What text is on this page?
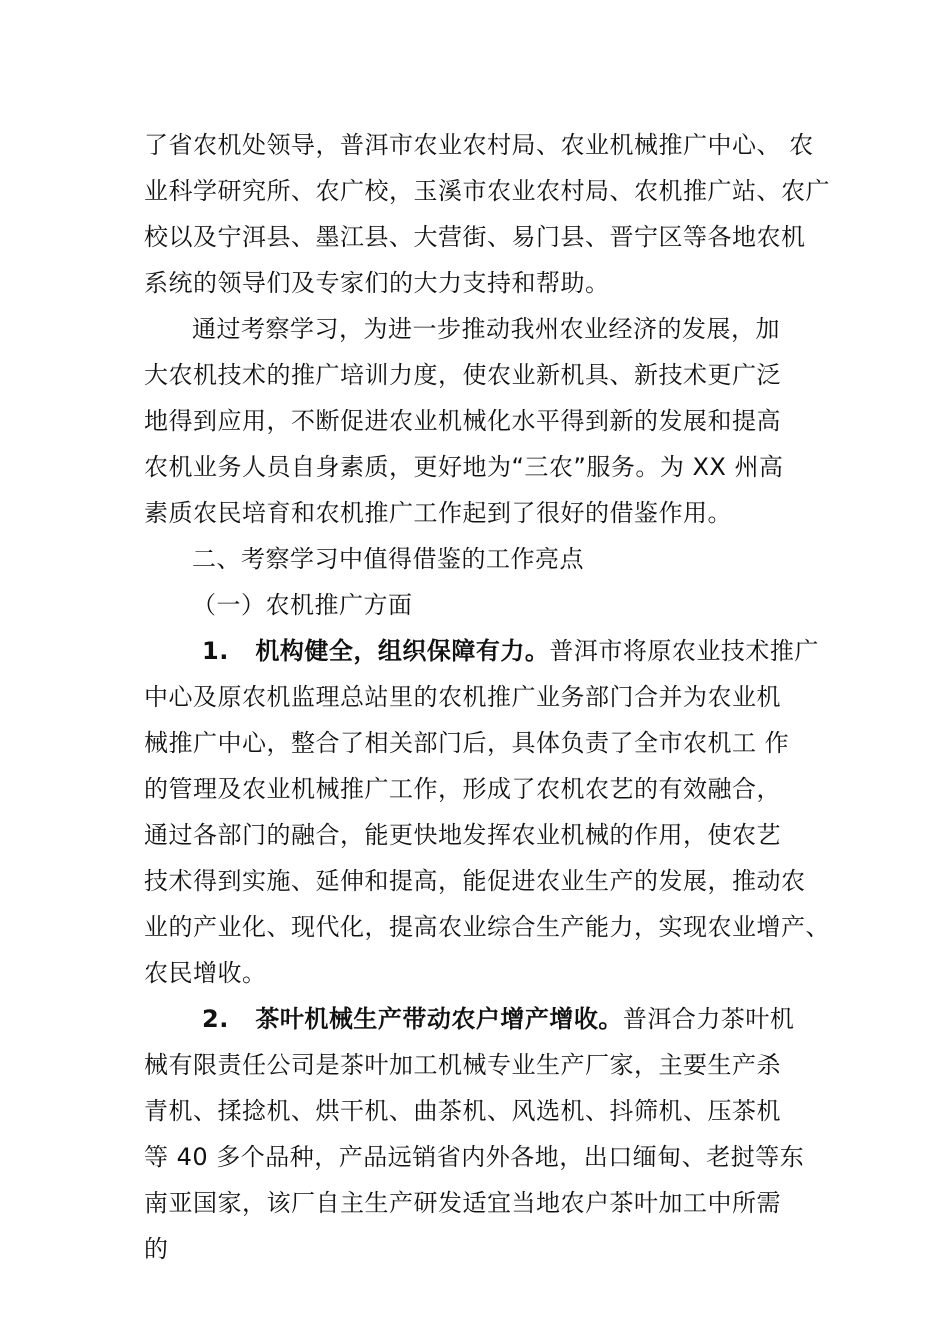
了省农机处领导，普洱市农业农村局、农业机械推广中心、 农
业科学研究所、农广校，玉溪市农业农村局、农机推广站、农广
校以及宁洱县、墨江县、大营街、易门县、晋宁区等各地农机
系统的领导们及专家们的大力支持和帮助。
通过考察学习，为进一步推动我州农业经济的发展，加
大农机技术的推广培训力度，使农业新机具、新技术更广泛
地得到应用，不断促进农业机械化水平得到新的发展和提高
农机业务人员自身素质，更好地为“三农”服务。为 XX 州高
素质农民培育和农机推广工作起到了很好的借鉴作用。
二、考察学习中值得借鉴的工作亮点
（一）农机推广方面
1.   机构健全，组织保障有力。普洱市将原农业技术推广
中心及原农机监理总站里的农机推广业务部门合并为农业机
械推广中心，整合了相关部门后，具体负责了全市农机工 作
的管理及农业机械推广工作，形成了农机农艺的有效融合，
通过各部门的融合，能更快地发挥农业机械的作用，使农艺
技术得到实施、延伸和提高，能促进农业生产的发展，推动农
业的产业化、现代化，提高农业综合生产能力，实现农业增产、
农民增收。
2.   茶叶机械生产带动农户增产增收。普洱合力茶叶机
械有限责任公司是茶叶加工机械专业生产厂家，主要生产杀
青机、揉捻机、烘干机、曲茶机、风选机、抖筛机、压茶机
等 40 多个品种，产品远销省内外各地，出口缅甸、老挝等东
南亚国家，该厂自主生产研发适宜当地农户茶叶加工中所需
的
